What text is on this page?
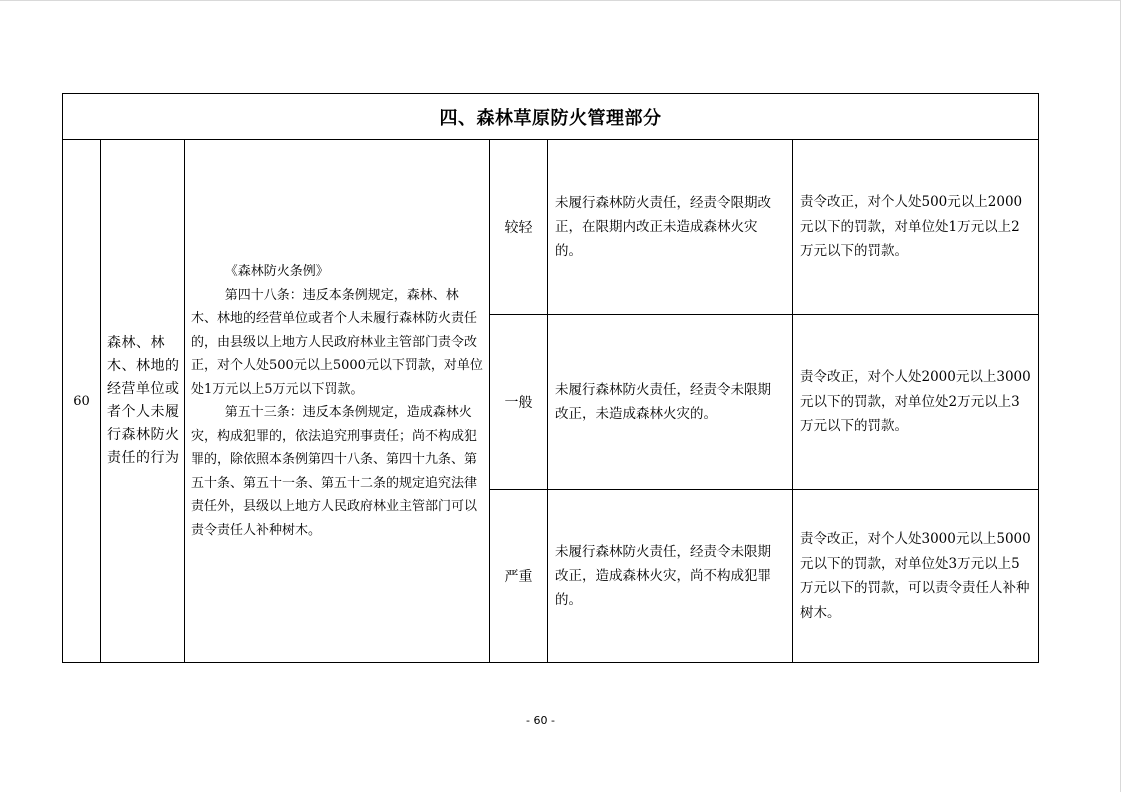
四、森林草原防火管理部分					
60	森林、林木、林地的经营单位或者个人未履行森林防火责任的行为	《森林防火条例》
第四十八条：违反本条例规定，森林、林木、林地的经营单位或者个人未履行森林防火责任的，由县级以上地方人民政府林业主管部门责令改正，对个人处500元以上5000元以下罚款，对单位处1万元以上5万元以下罚款。
第五十三条：违反本条例规定，造成森林火灾，构成犯罪的，依法追究刑事责任；尚不构成犯罪的，除依照本条例第四十八条、第四十九条、第五十条、第五十一条、第五十二条的规定追究法律责任外，县级以上地方人民政府林业主管部门可以责令责任人补种树木。	较轻	未履行森林防火责任，经责令限期改正，在限期内改正未造成森林火灾的。	责令改正，对个人处500元以上2000元以下的罚款，对单位处1万元以上2万元以下的罚款。
			一般	未履行森林防火责任，经责令未限期改正，未造成森林火灾的。	责令改正，对个人处2000元以上3000元以下的罚款，对单位处2万元以上3万元以下的罚款。
			严重	未履行森林防火责任，经责令未限期改正，造成森林火灾，尚不构成犯罪的。	责令改正，对个人处3000元以上5000元以下的罚款，对单位处3万元以上5万元以下的罚款，可以责令责任人补种树木。
- 60 -
